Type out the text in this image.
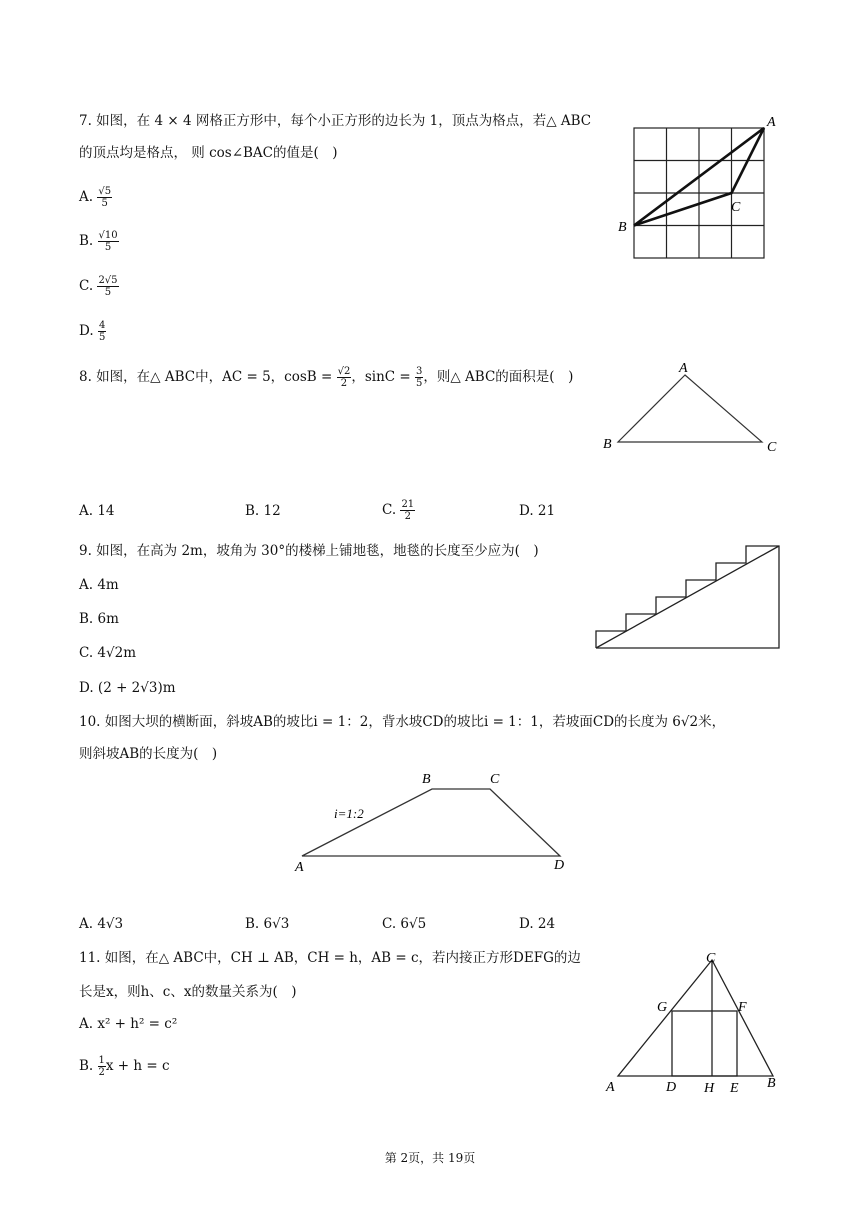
7. 如图，在 4 × 4 网格正方形中，每个小正方形的边长为 1，顶点为格点，若△ ABC
的顶点均是格点， 则 cos∠BAC的值是(　)
A. $\frac{√5}{5}$
B. $\frac{√10}{5}$
C. $\frac{2√5}{5}$
D. $\frac{4}{5}$
A
B
C
8. 如图，在△ ABC中，AC = 5，$\cos B = \frac{√2}{2}$ ，$\sin C = \frac{3}{5}$ ，则△ ABC的面积是(　)
A
B	C
A. 14	B. 12	C. $\frac{21}{2}$	D. 21
9. 如图，在高为 2m，坡角为 30°的楼梯上铺地毯，地毯的长度至少应为(　)
A. 4m
B. 6m
C. 4√2m
D. (2 + 2√3)m
10. 如图大坝的横断面，斜坡AB的坡比i = 1：2，背水坡CD的坡比i = 1：1，若坡面CD的长度为 6√2米，
则斜坡AB的长度为(　)
B	C
A	D
i=1:2
A. 4√3	B. 6√3	C. 6√5	D. 24
11. 如图，在△ ABC中，CH ⊥ AB，CH = h，AB = c，若内接正方形DEFG的边
长是x，则h、c、x的数量关系为(　)
A. x² + h² = c²
B. $\frac{1}{2}$ x + h = c
C
G	F
A	D H E B
第 2页，共 19页
